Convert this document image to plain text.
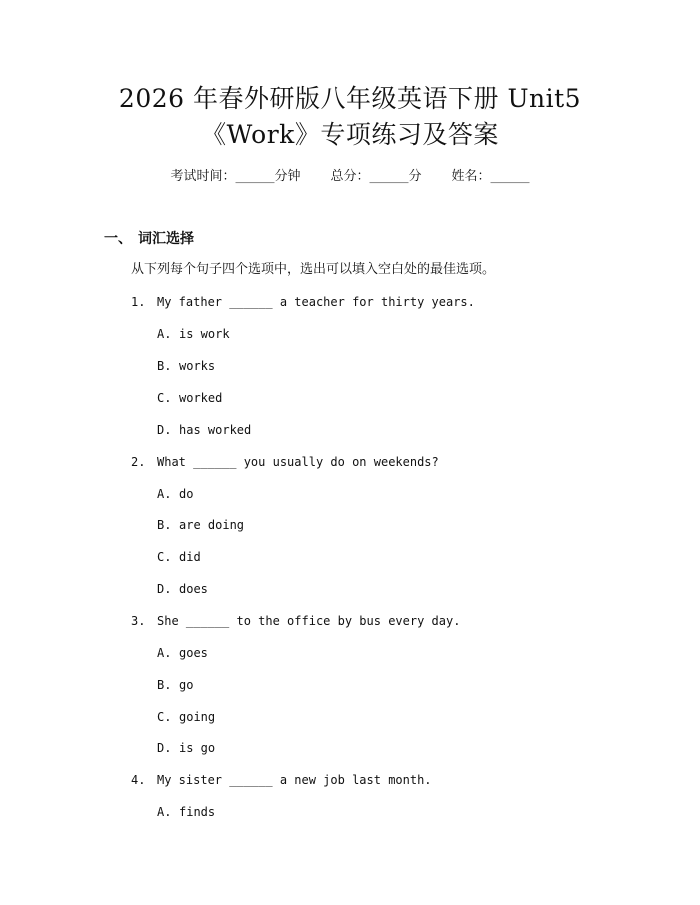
2026 年春外研版八年级英语下册 Unit5
《Work》专项练习及答案
考试时间：______分钟 总分：______分 姓名：______
一、 词汇选择
从下列每个句子四个选项中，选出可以填入空白处的最佳选项。
1. My father ______ a teacher for thirty years.
A. is work
B. works
C. worked
D. has worked
2. What ______ you usually do on weekends?
A. do
B. are doing
C. did
D. does
3. She ______ to the office by bus every day.
A. goes
B. go
C. going
D. is go
4. My sister ______ a new job last month.
A. finds
